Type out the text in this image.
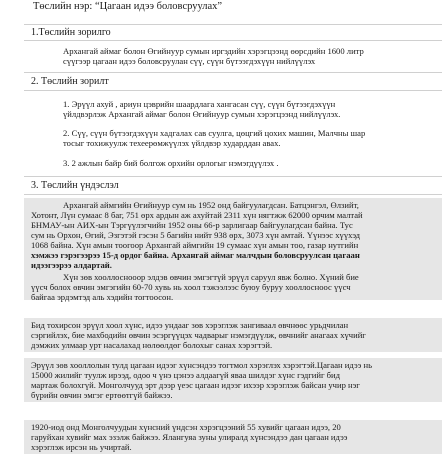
Төслийн нэр: “Цагаан идээ боловсруулах”
1.Төслийн зорилго
Архангай аймаг болон Өгийнуур сумын иргэдийн хэрэгцээнд өөрсдийн 1600 литр
сүүгээр цагаан идээ боловсруулан сүү, сүүн бүтээгдэхүүн нийлүүлэх
2. Төслийн зорилт
1. Эрүүл ахуй , ариун цэврийн шаардлага хангасан сүү, сүүн бүтээгдэхүүн
үйлдвэрлэж Архангай аймаг болон Өгийнуур сумын хэрэгцээнд нийлүүлэх.
2. Сүү, сүүн бүтээгдэхүүн хадгалах сав суулга, цөцгий цохих машин, Малчны шар
тосыг тохижуулж техеерөмжүүлэх үйлдвэр хударддан авах.
3. 2 ажлын байр бий болгож орхийн орлогыг нэмэгдүүлэх .
3. Төслийн үндэслэл
Архангай аймгийн Өгийнуур сум нь 1952 онд байгуулагдсан. Батцэнгэл, Өлзийт,
Хотонт, Лүн сумаас 8 баг, 751 өрх ардын аж ахуйтай 2311 хүн нягтжж 62000 орчим малтай
БНМАУ-ын АИХ-ын Тэргүүлэгчийн 1952 оны 66-р зарлигаар байгуулагдсан байна. Тус
сум нь Орхон, Өгий, Эзгэтэй гэсэн 5 багийн нийт 938 өрх, 3073 хүн амтай. Үүнээс хүүхэд
1068 байна. Хүн амын тоогоор Архангай аймгийн 19 сумаас хүн амын тоо, газар нутгийн
хэмжээ гэрэгээрээ 15-д ордог байна. Архангай аймаг малчдын боловсруулсан цагаан
идээгээрээ алдартай.
Хүн зөв хооллоснооор элдэв өвчин эмгэгтүй эрүүл саруул явж болно. Хүний бие
үүсч болох өвчин эмгэгийн 60-70 хувь нь хоол тэжээлээс буюу буруу хооллосноос үүсч
байгаа эрдэмтэд аль хэдийн тогтоосон.
Бид тохирсон эрүүл хоол хүнс, идээ ундааг зөв хэрэглэж зангиваал өвчнөөс урьдчилан
сэргийлэх, бие махбодийн өвчин эсэргүүцэх чадварыг нэмэгдүүлж, өвчнийг анагаах хүчийг
дэмжих улмаар урт насалахад нөлөөлдөг болохыг санах хэрэгтэй.
Эрүүл зөв хооллолын тулд цагаан идээг хүнсэндээ тогтмол хэрэглэх хэрэгтэй.Цагаан идээ нь
15000 жилийг туулж ирээд, одоо ч үнэ цэнээ алдаагүй яваа шилдэг хүнс гэдгийг бид
мартаж болохгүй. Монголчууд эрт дээр үеэс цагаан идээг ихээр хэрэглэж байсан учир нэг
бүрийн өвчин эмгэг ертөөтгүй байжээ.
1920-иод онд Монголчуудын хүнсний үндсэн хэрэгцээний 55 хувийг цагаан идээ, 20
гаруйхан хувийг мах эзэлж байжээ. Ялангуяа зуны улиралд хүнсэндээ дан цагаан идээ
хэрэглэж ирсэн нь учиртай.
